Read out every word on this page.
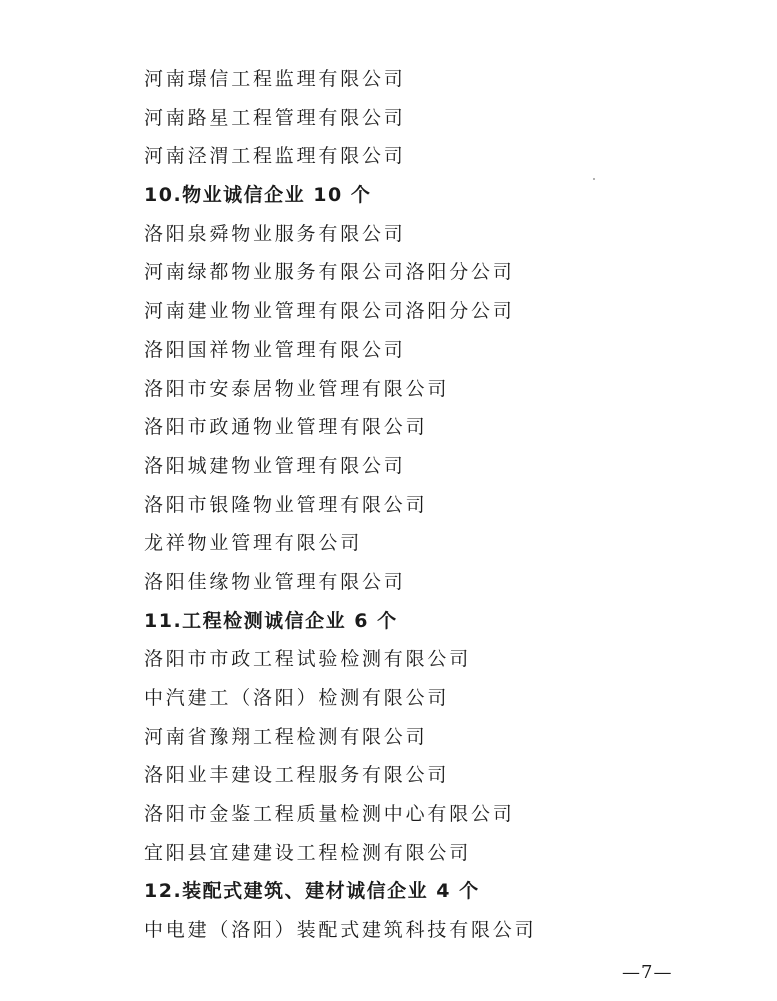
河南璟信工程监理有限公司
河南路星工程管理有限公司
河南泾渭工程监理有限公司
10.物业诚信企业 10 个
洛阳泉舜物业服务有限公司
河南绿都物业服务有限公司洛阳分公司
河南建业物业管理有限公司洛阳分公司
洛阳国祥物业管理有限公司
洛阳市安泰居物业管理有限公司
洛阳市政通物业管理有限公司
洛阳城建物业管理有限公司
洛阳市银隆物业管理有限公司
龙祥物业管理有限公司
洛阳佳缘物业管理有限公司
11.工程检测诚信企业 6 个
洛阳市市政工程试验检测有限公司
中汽建工（洛阳）检测有限公司
河南省豫翔工程检测有限公司
洛阳业丰建设工程服务有限公司
洛阳市金鉴工程质量检测中心有限公司
宜阳县宜建建设工程检测有限公司
12.装配式建筑、建材诚信企业 4 个
中电建（洛阳）装配式建筑科技有限公司
—7—
